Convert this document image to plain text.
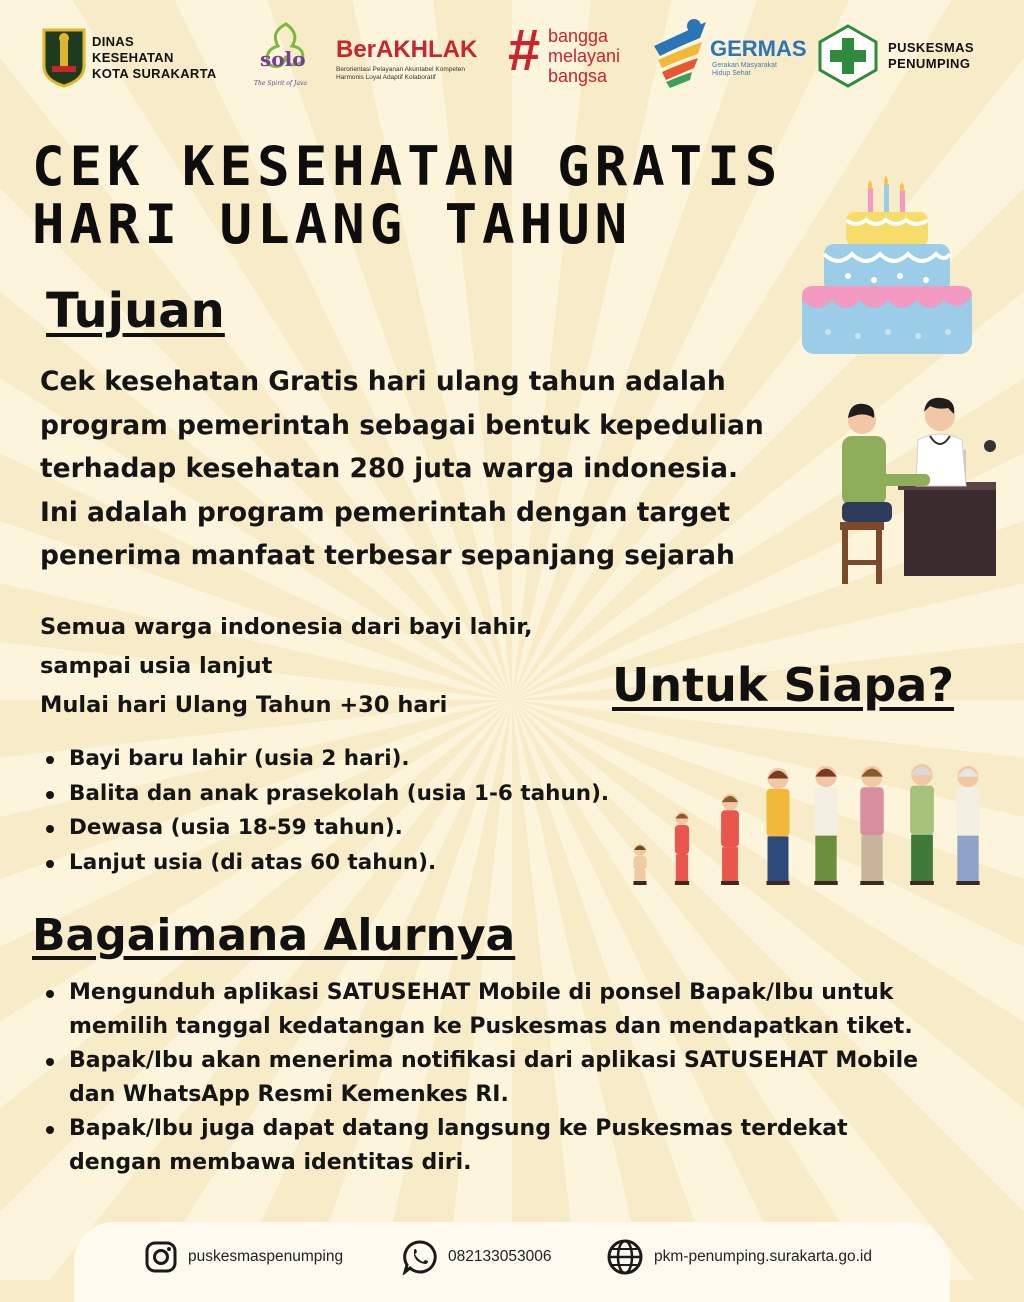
DINAS
KESEHATAN
KOTA SURAKARTA
solo
The Spirit of Java
BerAKHLAK
Berorientasi Pelayanan Akuntabel Kompeten
Harmonis Loyal Adaptif Kolaboratif	# bangga
melayani
bangsa
GERMAS
Gerakan Masyarakat
Hidup Sehat
PUSKESMAS
PENUMPING
CEK KESEHATAN GRATIS
HARI ULANG TAHUN
Tujuan
Cek kesehatan Gratis hari ulang tahun adalah
program pemerintah sebagai bentuk kepedulian
terhadap kesehatan 280 juta warga indonesia.
Ini adalah program pemerintah dengan target
penerima manfaat terbesar sepanjang sejarah
Semua warga indonesia dari bayi lahir,
sampai usia lanjut
Mulai hari Ulang Tahun +30 hari	Untuk Siapa?
Bayi baru lahir (usia 2 hari).
Balita dan anak prasekolah (usia 1-6 tahun).
Dewasa (usia 18-59 tahun).
Lanjut usia (di atas 60 tahun).
Bagaimana Alurnya
Mengunduh aplikasi SATUSEHAT Mobile di ponsel Bapak/Ibu untuk
memilih tanggal kedatangan ke Puskesmas dan mendapatkan tiket.
Bapak/Ibu akan menerima notifikasi dari aplikasi SATUSEHAT Mobile
dan WhatsApp Resmi Kemenkes RI.
Bapak/Ibu juga dapat datang langsung ke Puskesmas terdekat
dengan membawa identitas diri.
puskesmaspenumping	082133053006	pkm-penumping.surakarta.go.id
